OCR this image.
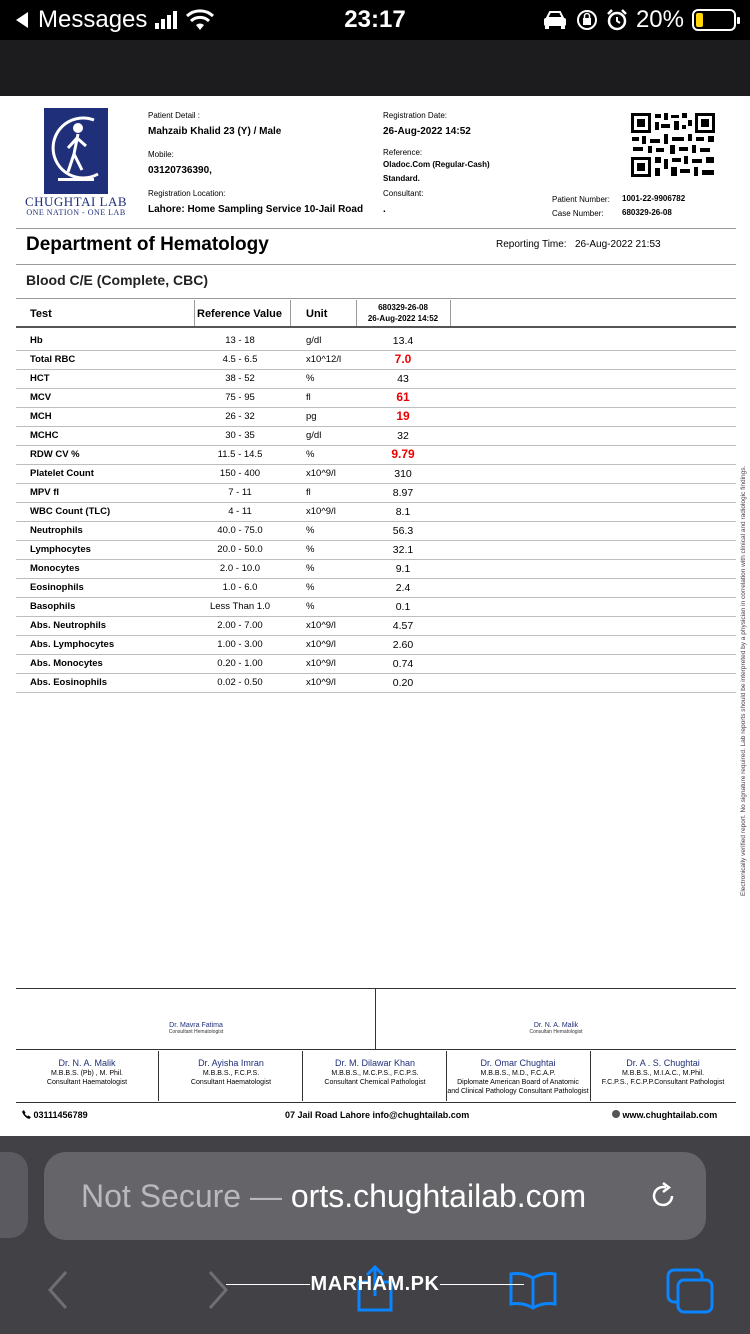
Messages	23:17	20%
CHUGHTAI LAB
ONE NATION - ONE LAB
Patient Detail :
Mahzaib Khalid 23 (Y) / Male
Mobile:
03120736390,
Registration Location:
Lahore: Home Sampling Service 10-Jail Road
Registration Date:
26-Aug-2022 14:52
Reference:
Oladoc.Com (Regular-Cash)
Standard.
Consultant:
.
Patient Number: 1001-22-9906782
Case Number: 680329-26-08
Department of Hematology	Reporting Time: 26-Aug-2022 21:53
Blood C/E (Complete, CBC)
Test	Reference Value Unit
680329-26-08
26-Aug-2022 14:52
Hb	13 - 18	g/dl	13.4
Total RBC	4.5 - 6.5	x10^12/l	7.0
HCT	38 - 52	%	43
MCV	75 - 95	fl	61
MCH	26 - 32	pg	19
MCHC	30 - 35	g/dl	32
RDW CV %	11.5 - 14.5	%	9.79
Platelet Count	150 - 400	x10^9/l	310
MPV fl	7 - 11	fl	8.97
WBC Count (TLC)	4 - 11	x10^9/l	8.1
Neutrophils	40.0 - 75.0	%	56.3
Lymphocytes	20.0 - 50.0	%	32.1
Monocytes	2.0 - 10.0	%	9.1
Eosinophils	1.0 - 6.0	%	2.4
Basophils	Less Than 1.0	%	0.1
Abs. Neutrophils	2.00 - 7.00	x10^9/l	4.57
Abs. Lymphocytes	1.00 - 3.00	x10^9/l	2.60
Abs. Monocytes	0.20 - 1.00	x10^9/l	0.74
Abs. Eosinophils	0.02 - 0.50	x10^9/l	0.20	Electronically verified report. No signature required. Lab reports should be interpreted by a physician in correlation with clinical and radiologic findings.
Dr. Mavra Fatima
Consultant Hematologist
Dr. N. A. Malik
Consultan Hematologist
Dr. N. A. Malik
M.B.B.S. (Pb) , M. Phil.
Consultant Haematologist
Dr. Ayisha Imran
M.B.B.S., F.C.P.S.
Consultant Haematologist
Dr. M. Dilawar Khan
M.B.B.S., M.C.P.S., F.C.P.S.
Consultant Chemical Pathologist
Dr. Omar Chughtai
M.B.B.S., M.D., F.C.A.P.
Diplomate American Board of Anatomic
and Clinical Pathology Consultant Pathologist
Dr. A . S. Chughtai
M.B.B.S., M.I.A.C., M.Phil.
F.C.P.S., F.C.P.P.Consultant Pathologist
03111456789	07 Jail Road Lahore info@chughtailab.com	www.chughtailab.com
Not Secure — orts.chughtailab.com
MARHAM.PK
